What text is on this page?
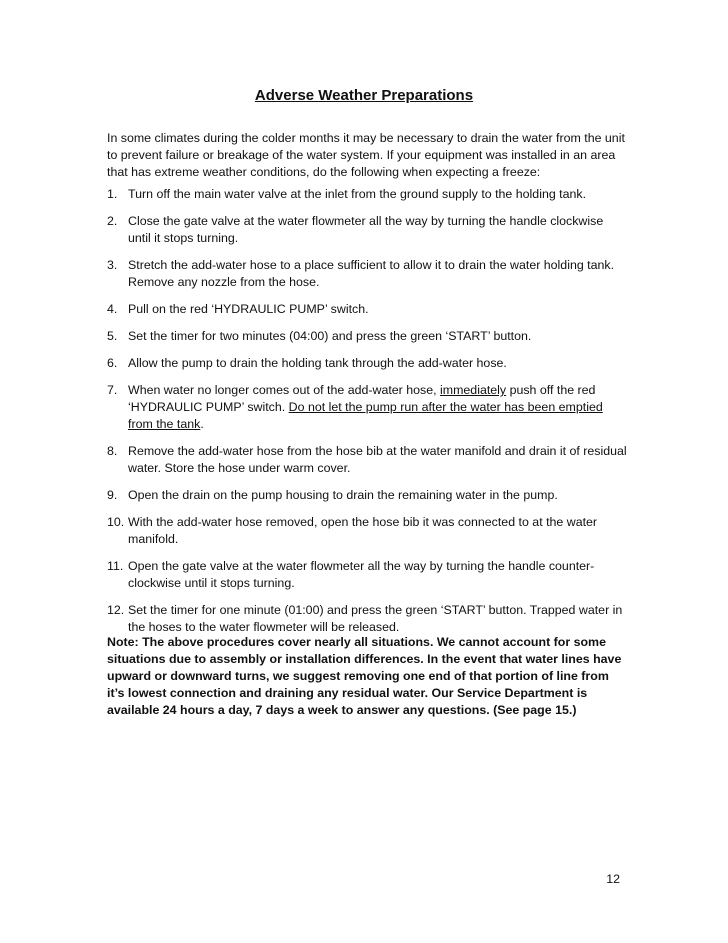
Adverse Weather Preparations

In some climates during the colder months it may be necessary to drain the water from the unit to prevent failure or breakage of the water system. If your equipment was installed in an area that has extreme weather conditions, do the following when expecting a freeze:

1. Turn off the main water valve at the inlet from the ground supply to the holding tank.
2. Close the gate valve at the water flowmeter all the way by turning the handle clockwise until it stops turning.
3. Stretch the add-water hose to a place sufficient to allow it to drain the water holding tank. Remove any nozzle from the hose.
4. Pull on the red ‘HYDRAULIC PUMP’ switch.
5. Set the timer for two minutes (04:00) and press the green ‘START’ button.
6. Allow the pump to drain the holding tank through the add-water hose.
7. When water no longer comes out of the add-water hose, immediately push off the red ‘HYDRAULIC PUMP’ switch. Do not let the pump run after the water has been emptied from the tank.
8. Remove the add-water hose from the hose bib at the water manifold and drain it of residual water. Store the hose under warm cover.
9. Open the drain on the pump housing to drain the remaining water in the pump.
10. With the add-water hose removed, open the hose bib it was connected to at the water manifold.
11. Open the gate valve at the water flowmeter all the way by turning the handle counter-clockwise until it stops turning.
12. Set the timer for one minute (01:00) and press the green ‘START’ button. Trapped water in the hoses to the water flowmeter will be released.

Note: The above procedures cover nearly all situations. We cannot account for some situations due to assembly or installation differences. In the event that water lines have upward or downward turns, we suggest removing one end of that portion of line from it’s lowest connection and draining any residual water. Our Service Department is available 24 hours a day, 7 days a week to answer any questions. (See page 15.)

12
